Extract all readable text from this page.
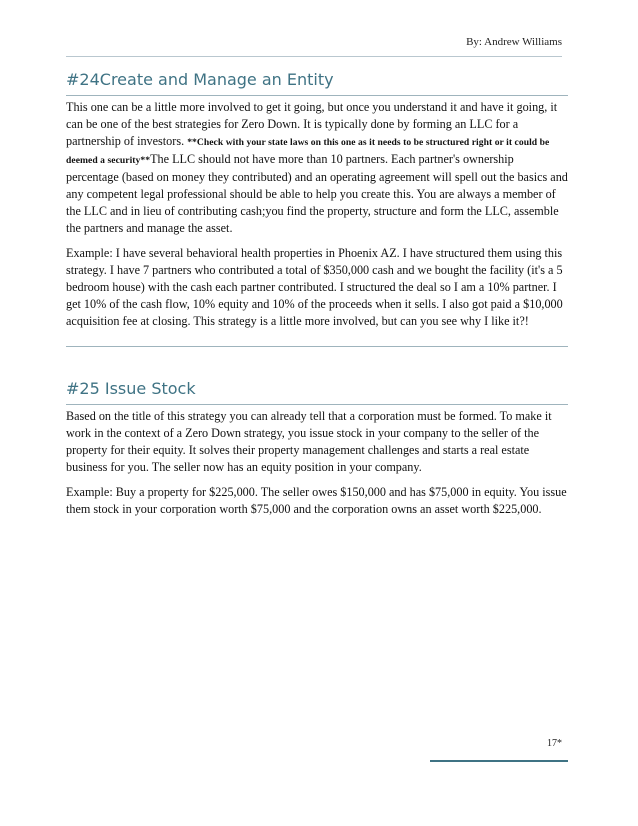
By: Andrew Williams
#24Create and Manage an Entity

This one can be a little more involved to get it going, but once you understand it and have it going, it can be one of the best strategies for Zero Down. It is typically done by forming an LLC for a partnership of investors. **Check with your state laws on this one as it needs to be structured right or it could be deemed a security**The LLC should not have more than 10 partners. Each partner's ownership percentage (based on money they contributed) and an operating agreement will spell out the basics and any competent legal professional should be able to help you create this. You are always a member of the LLC and in lieu of contributing cash;you find the property, structure and form the LLC, assemble the partners and manage the asset.

Example: I have several behavioral health properties in Phoenix AZ. I have structured them using this strategy. I have 7 partners who contributed a total of $350,000 cash and we bought the facility (it's a 5 bedroom house) with the cash each partner contributed. I structured the deal so I am a 10% partner. I get 10% of the cash flow, 10% equity and 10% of the proceeds when it sells. I also got paid a $10,000 acquisition fee at closing. This strategy is a little more involved, but can you see why I like it?!

#25 Issue Stock

Based on the title of this strategy you can already tell that a corporation must be formed. To make it work in the context of a Zero Down strategy, you issue stock in your company to the seller of the property for their equity. It solves their property management challenges and starts a real estate business for you. The seller now has an equity position in your company.

Example: Buy a property for $225,000. The seller owes $150,000 and has $75,000 in equity. You issue them stock in your corporation worth $75,000 and the corporation owns an asset worth $225,000.

17*
